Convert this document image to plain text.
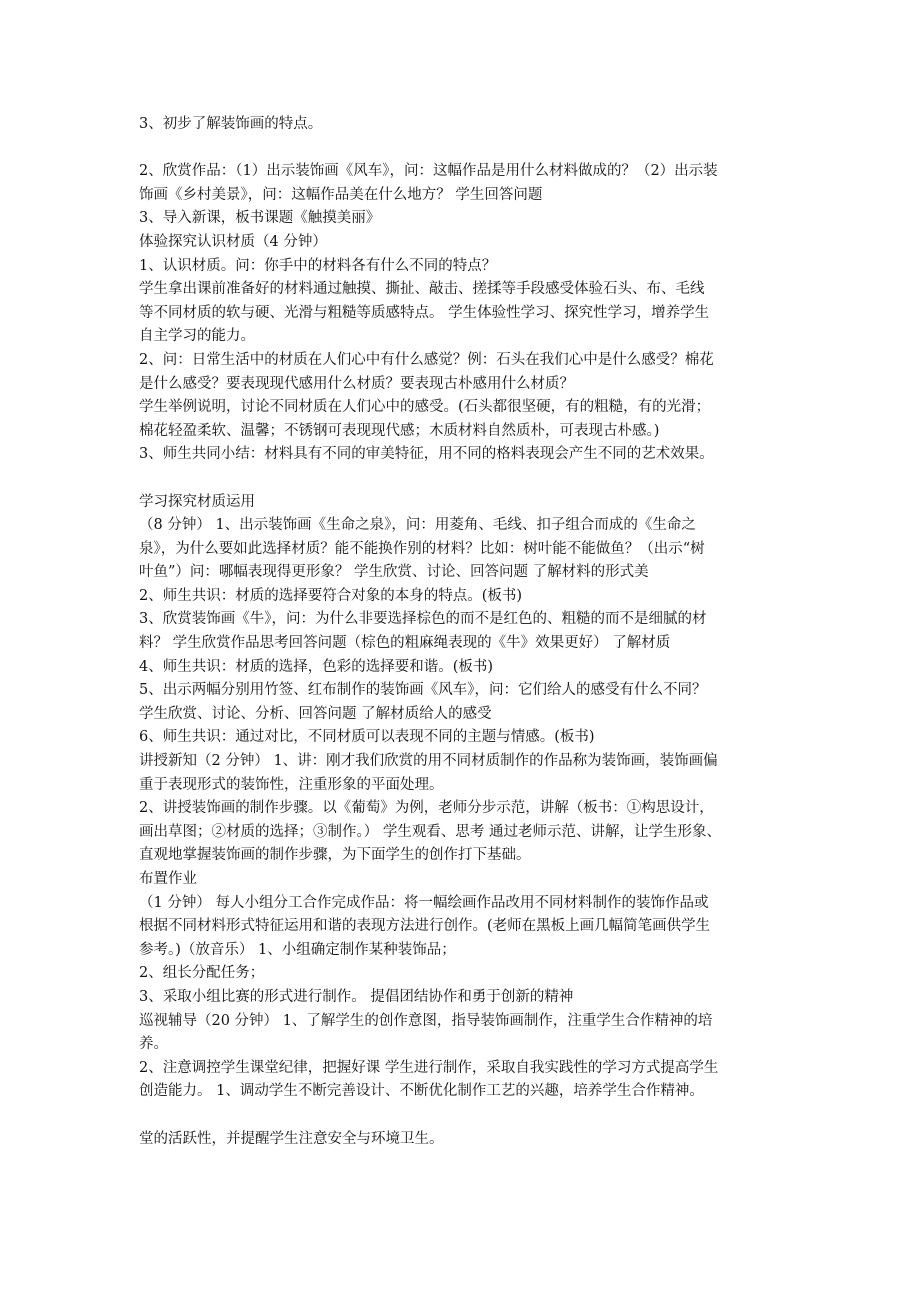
3、初步了解装饰画的特点。
2、欣赏作品：（1）出示装饰画《风车》，问：这幅作品是用什么材料做成的？（2）出示装
饰画《乡村美景》，问：这幅作品美在什么地方？ 学生回答问题
3、导入新课，板书课题《触摸美丽》
体验探究认识材质（4 分钟）
1、认识材质。问：你手中的材料各有什么不同的特点？
学生拿出课前准备好的材料通过触摸、撕扯、敲击、搓揉等手段感受体验石头、布、毛线
等不同材质的软与硬、光滑与粗糙等质感特点。 学生体验性学习、探究性学习，增养学生
自主学习的能力。
2、问：日常生活中的材质在人们心中有什么感觉？例：石头在我们心中是什么感受？棉花
是什么感受？要表现现代感用什么材质？要表现古朴感用什么材质？
学生举例说明，讨论不同材质在人们心中的感受。(石头都很坚硬，有的粗糙，有的光滑；
棉花轻盈柔软、温馨；不锈钢可表现现代感；木质材料自然质朴，可表现古朴感。)
3、师生共同小结：材料具有不同的审美特征，用不同的格料表现会产生不同的艺术效果。
学习探究材质运用
（8 分钟） 1、出示装饰画《生命之泉》，问：用菱角、毛线、扣子组合而成的《生命之
泉》，为什么要如此选择材质？能不能换作别的材料？比如：树叶能不能做鱼？（出示“树
叶鱼”）问：哪幅表现得更形象？ 学生欣赏、讨论、回答问题 了解材料的形式美
2、师生共识：材质的选择要符合对象的本身的特点。(板书)
3、欣赏装饰画《牛》，问：为什么非要选择棕色的而不是红色的、粗糙的而不是细腻的材
料？ 学生欣赏作品思考回答问题（棕色的粗麻绳表现的《牛》效果更好） 了解材质
4、师生共识：材质的选择，色彩的选择要和谐。(板书)
5、出示两幅分别用竹签、红布制作的装饰画《风车》，问：它们给人的感受有什么不同？
学生欣赏、讨论、分析、回答问题 了解材质给人的感受
6、师生共识：通过对比，不同材质可以表现不同的主题与情感。(板书)
讲授新知（2 分钟） 1、讲：刚才我们欣赏的用不同材质制作的作品称为装饰画，装饰画偏
重于表现形式的装饰性，注重形象的平面处理。
2、讲授装饰画的制作步骤。以《葡萄》为例，老师分步示范，讲解（板书：①构思设计，
画出草图；②材质的选择；③制作。） 学生观看、思考 通过老师示范、讲解，让学生形象、
直观地掌握装饰画的制作步骤，为下面学生的创作打下基础。
布置作业
（1 分钟） 每人小组分工合作完成作品：将一幅绘画作品改用不同材料制作的装饰作品或
根据不同材料形式特征运用和谐的表现方法进行创作。(老师在黑板上画几幅简笔画供学生
参考。)（放音乐） 1、小组确定制作某种装饰品；
2、组长分配任务；
3、采取小组比赛的形式进行制作。 提倡团结协作和勇于创新的精神
巡视辅导（20 分钟） 1、了解学生的创作意图，指导装饰画制作，注重学生合作精神的培
养。
2、注意调控学生课堂纪律，把握好课 学生进行制作，采取自我实践性的学习方式提高学生
创造能力。 1、调动学生不断完善设计、不断优化制作工艺的兴趣，培养学生合作精神。
堂的活跃性，并提醒学生注意安全与环境卫生。
